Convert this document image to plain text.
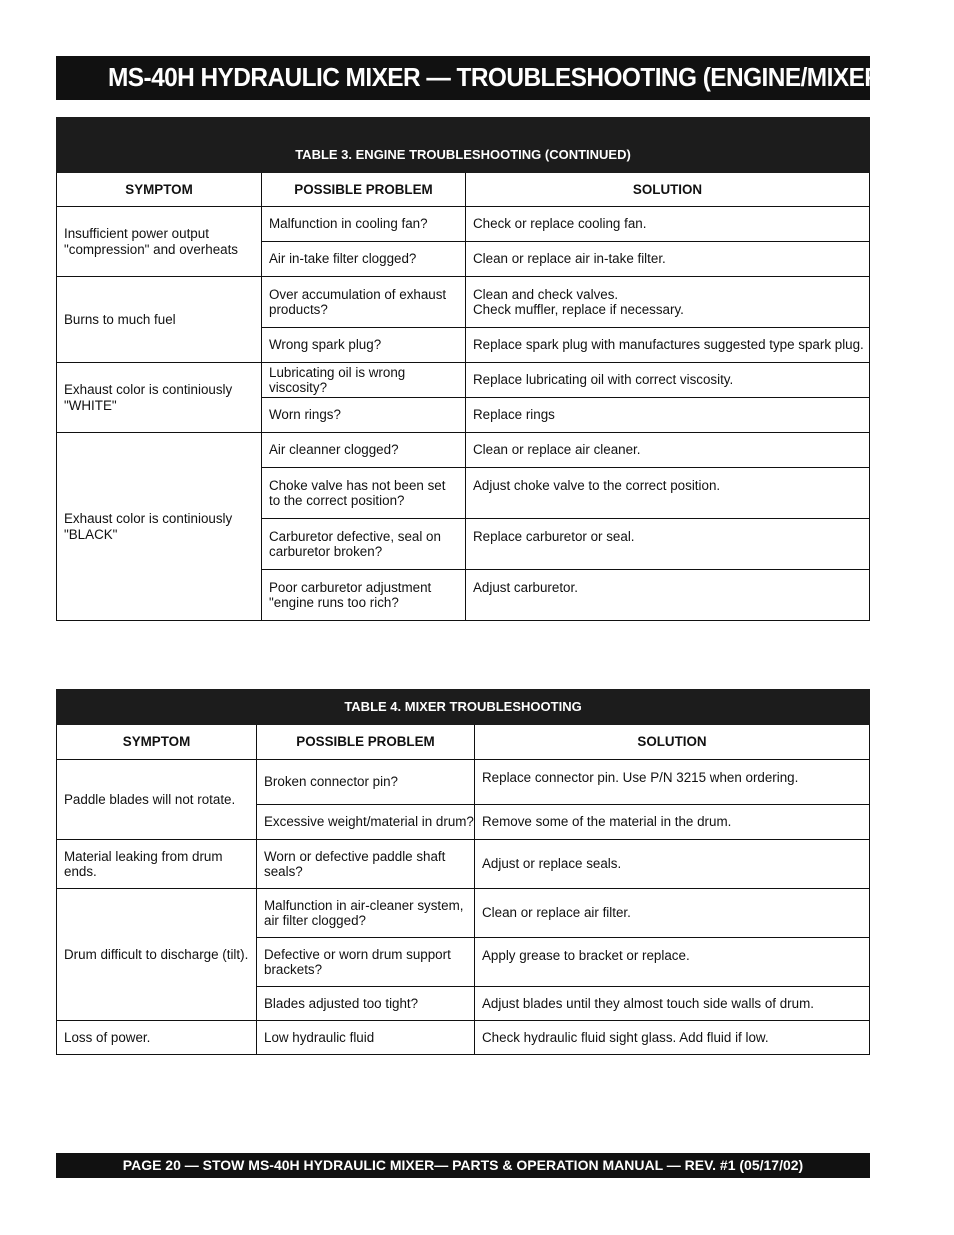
MS-40H HYDRAULIC MIXER — TROUBLESHOOTING (ENGINE/MIXER)
TABLE 3. ENGINE TROUBLESHOOTING (CONTINUED)		
SYMPTOM	POSSIBLE PROBLEM	SOLUTION
Insufficient power output "compression" and overheats	Malfunction in cooling fan?	Check or replace cooling fan.
	Air in-take filter clogged?	Clean or replace air in-take filter.
Burns to much fuel	Over accumulation of exhaust products?	Clean and check valves.
Check muffler, replace if necessary.

	Wrong spark plug?	Replace spark plug with manufactures suggested type spark plug.
Exhaust color is continiously "WHITE"	Lubricating oil is wrong viscosity?	Replace lubricating oil with correct viscosity.
	Worn rings?	Replace rings
Exhaust color is continiously "BLACK"	Air cleanner clogged?	Clean or replace air cleaner.
	Choke valve has not been set to the correct position?	Adjust choke valve to the correct position.
	Carburetor defective, seal on carburetor broken?	Replace carburetor or seal.
	Poor carburetor adjustment "engine runs too rich?	Adjust carburetor.
TABLE 4. MIXER TROUBLESHOOTING		
SYMPTOM	POSSIBLE PROBLEM	SOLUTION
Paddle blades will not rotate.	Broken connector pin?	Replace connector pin. Use P/N 3215 when ordering.
	Excessive weight/material in drum?	Remove some of the material in the drum.
Material leaking from drum ends.	Worn or defective paddle shaft seals?	Adjust or replace seals.
Drum difficult to discharge (tilt).	Malfunction in air-cleaner system, air filter clogged?	Clean or replace air filter.
	Defective or worn drum support brackets?	Apply grease to bracket or replace.
	Blades adjusted too tight?	Adjust blades until they almost touch side walls of drum.
Loss of power.	Low hydraulic fluid	Check hydraulic fluid sight glass. Add fluid if low.
PAGE 20 — STOW MS-40H HYDRAULIC MIXER— PARTS & OPERATION MANUAL — REV. #1 (05/17/02)
